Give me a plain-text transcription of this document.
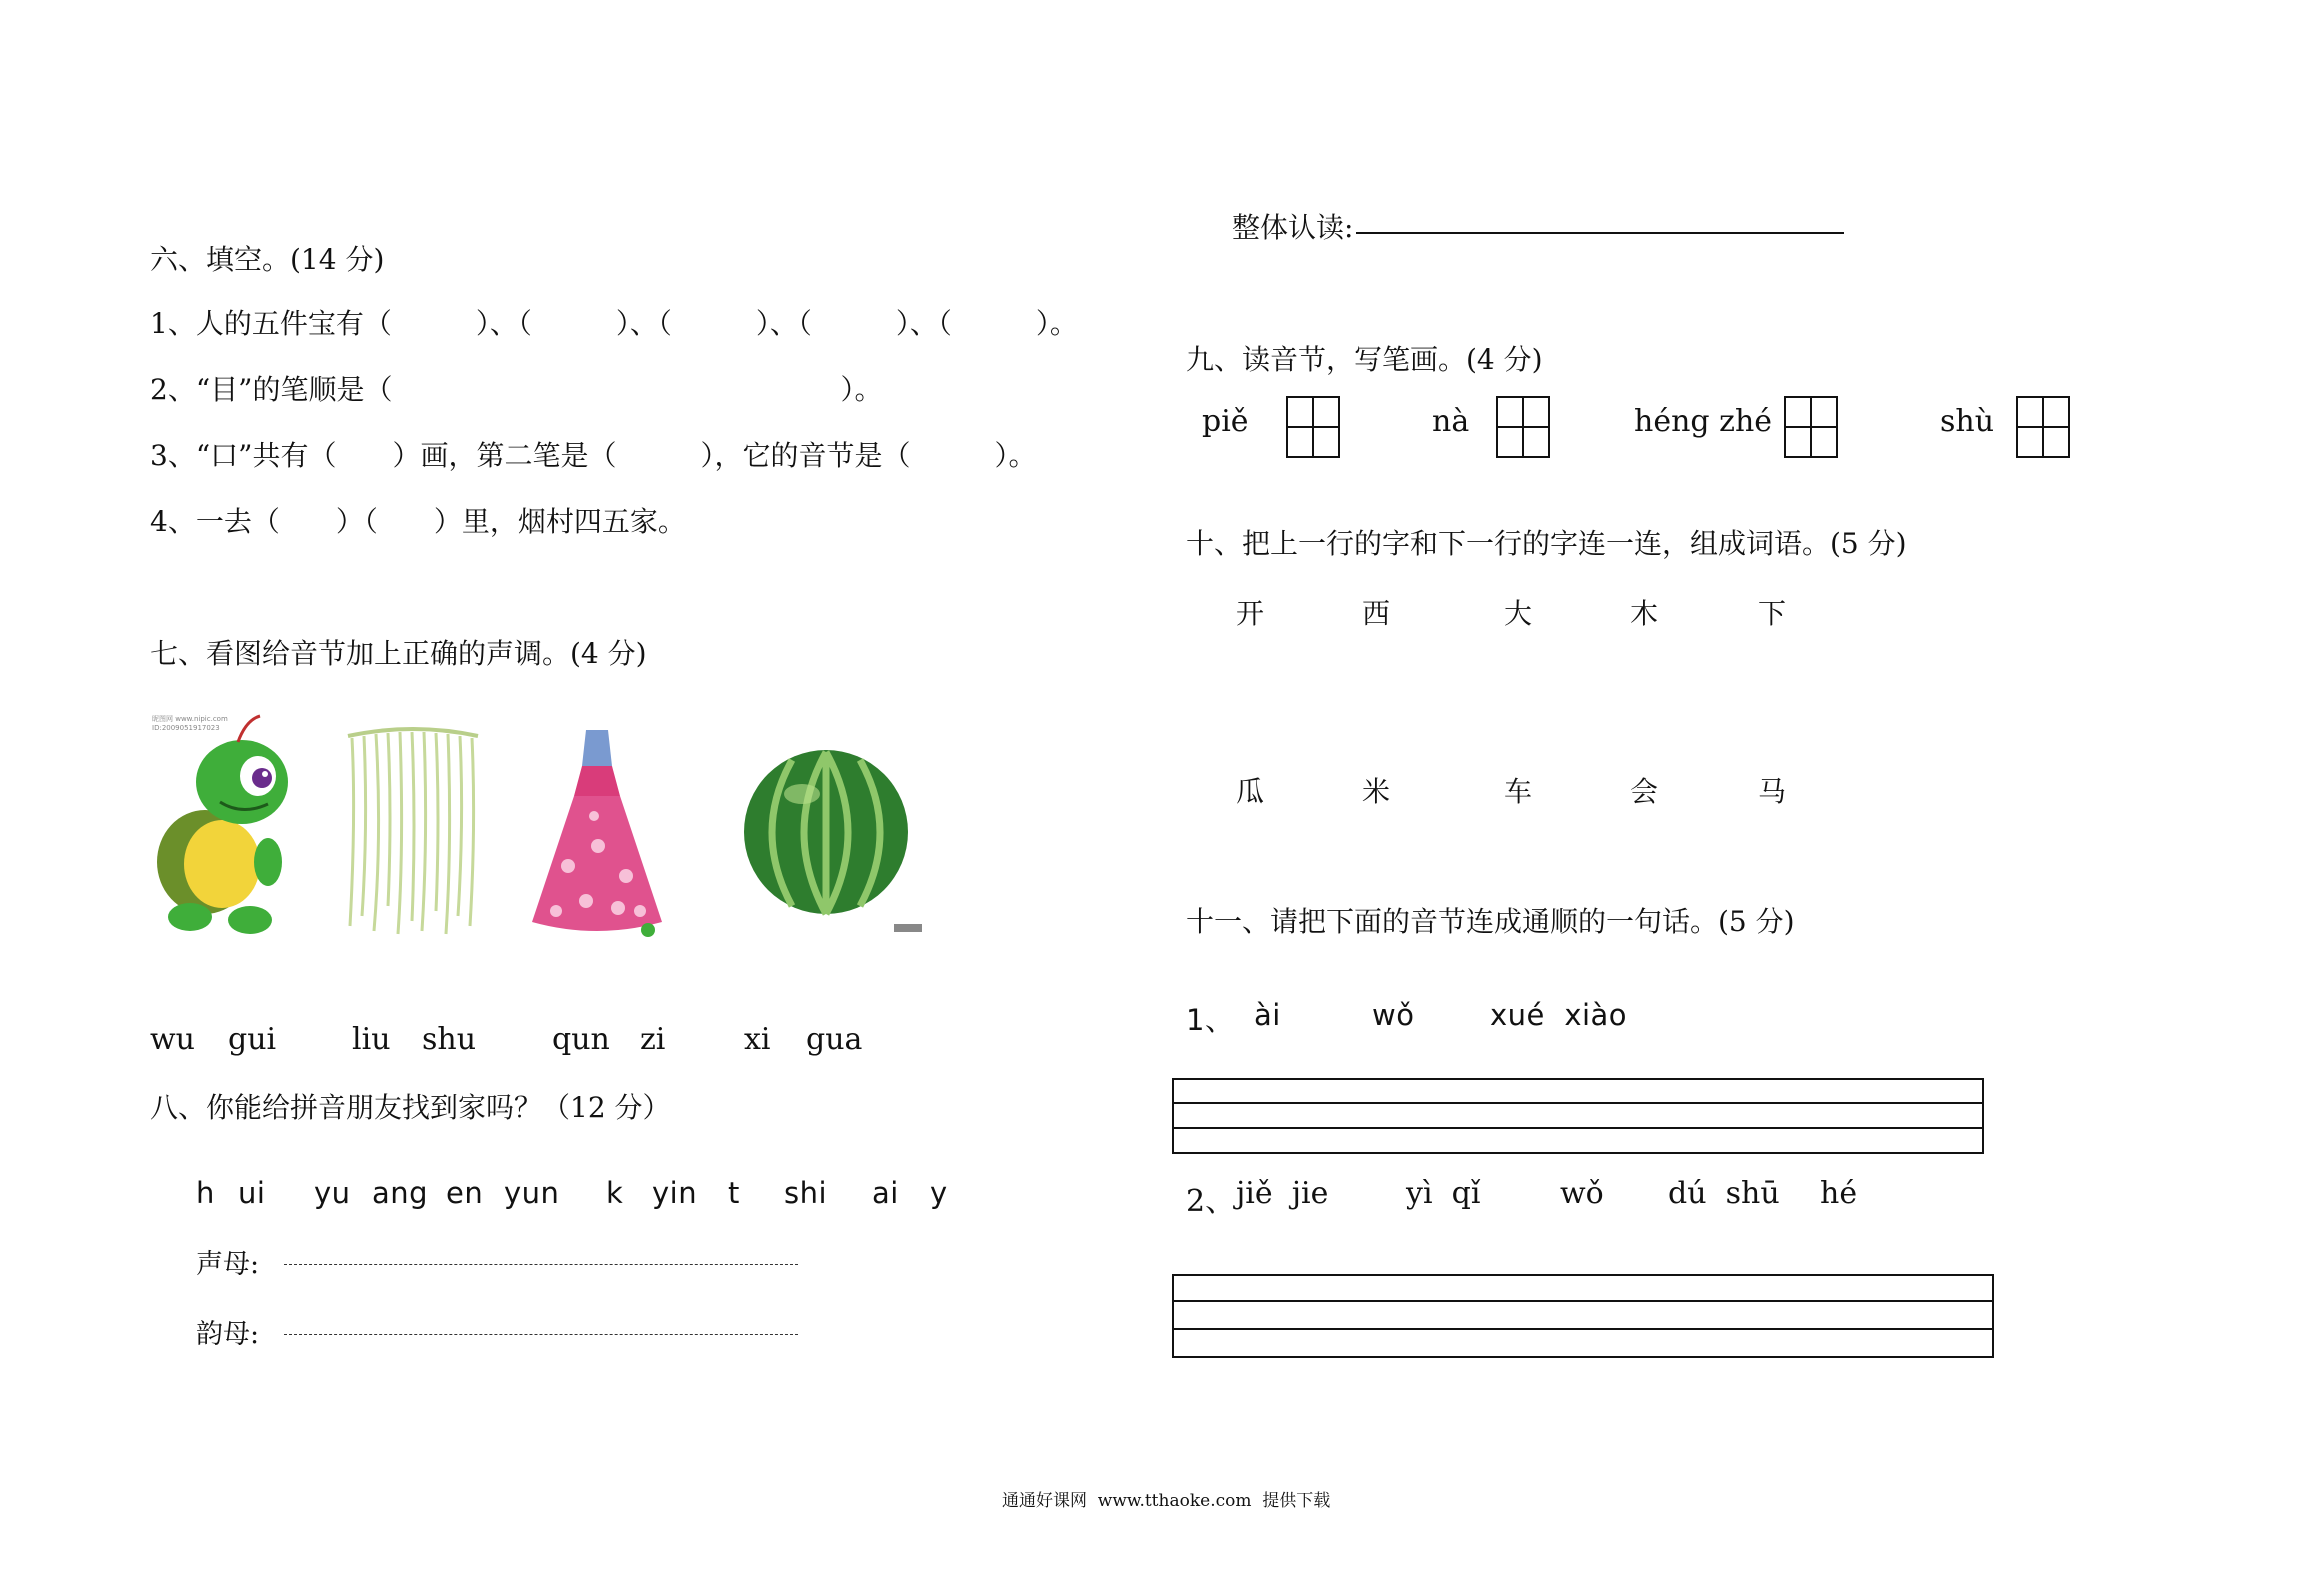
六、填空。(14 分)
1、人的五件宝有（　　　）、（　　　）、（　　　）、（　　　）、（　　　）。
2、“目”的笔顺是（　　　　　　　　　　　　　　　　）。
3、“口”共有（　　）画，第二笔是（　　　），它的音节是（　　　）。
4、一去（　　）（　　）里，烟村四五家。
七、看图给音节加上正确的声调。(4 分)
昵图网 www.nipic.com
ID:2009051917023
wu gui	liu shu	qun zi	xi gua
八、你能给拼音朋友找到家吗？（12 分）
h ui yu ang en yun k yin t shi ai y
声母:
韵母:
整体认读:
九、读音节，写笔画。(4 分)
piě	nà	héng zhé	shù
十、把上一行的字和下一行的字连一连，组成词语。(5 分)
开	西	大	木	下
瓜	米	车	会	马
十一、请把下面的音节连成通顺的一句话。(5 分)
1、 ài	wǒ	xué  xiào
2、 jiě  jie	yì  qǐ	wǒ dú  shū hé
通通好课网  www.tthaoke.com  提供下载
